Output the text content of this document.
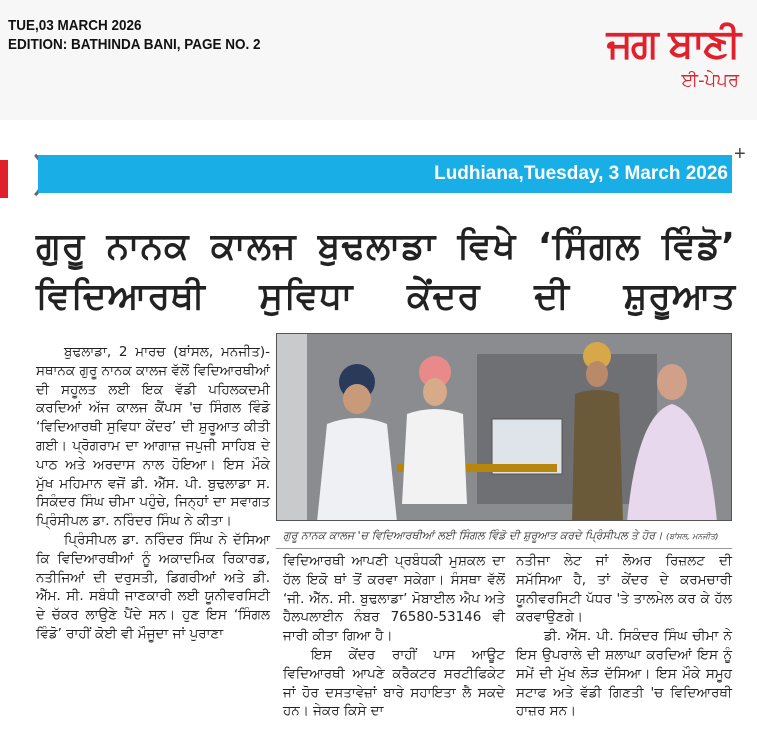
TUE,03 MARCH 2026
EDITION: BATHINDA BANI, PAGE NO. 2	ਜਗ ਬਾਣੀ
ਈ-ਪੇਪਰ
Ludhiana,Tuesday, 3 March 2026
+
ਗੁਰੂ ਨਾਨਕ ਕਾਲਜ ਬੁਢਲਾਡਾ ਵਿਖੇ ‘ਸਿੰਗਲ ਵਿੰਡੋ’ ਵਿਦਿਆਰਥੀ ਸੁਵਿਧਾ ਕੇਂਦਰ ਦੀ ਸ਼ੁਰੂਆਤ
ਗੁਰੂ ਨਾਨਕ ਕਾਲਜ 'ਚ ਵਿਦਿਆਰਥੀਆਂ ਲਈ ਸਿੰਗਲ ਵਿੰਡੋ ਦੀ ਸ਼ੁਰੂਆਤ ਕਰਦੇ ਪ੍ਰਿੰਸੀਪਲ ਤੇ ਹੋਰ। (ਬਾਂਸਲ, ਮਨਜੀਤ)

ਬੁਢਲਾਡਾ, 2 ਮਾਰਚ (ਬਾਂਸਲ, ਮਨਜੀਤ)-ਸਥਾਨਕ ਗੁਰੂ ਨਾਨਕ ਕਾਲਜ ਵੱਲੋਂ ਵਿਦਿਆਰਥੀਆਂ ਦੀ ਸਹੂਲਤ ਲਈ ਇਕ ਵੱਡੀ ਪਹਿਲਕਦਮੀ ਕਰਦਿਆਂ ਅੱਜ ਕਾਲਜ ਕੈਂਪਸ 'ਚ ਸਿੰਗਲ ਵਿੰਡੋ ‘ਵਿਦਿਆਰਥੀ ਸੁਵਿਧਾ ਕੇਂਦਰ’ ਦੀ ਸ਼ੁਰੂਆਤ ਕੀਤੀ ਗਈ। ਪ੍ਰੋਗਰਾਮ ਦਾ ਆਗਾਜ਼ ਜਪੁਜੀ ਸਾਹਿਬ ਦੇ ਪਾਠ ਅਤੇ ਅਰਦਾਸ ਨਾਲ ਹੋਇਆ। ਇਸ ਮੌਕੇ ਮੁੱਖ ਮਹਿਮਾਨ ਵਜੋਂ ਡੀ. ਐੱਸ. ਪੀ. ਬੁਢਲਾਡਾ ਸ. ਸਿਕੰਦਰ ਸਿੰਘ ਚੀਮਾ ਪਹੁੰਚੇ, ਜਿਨ੍ਹਾਂ ਦਾ ਸਵਾਗਤ ਪ੍ਰਿੰਸੀਪਲ ਡਾ. ਨਰਿੰਦਰ ਸਿੰਘ ਨੇ ਕੀਤਾ।

ਪ੍ਰਿੰਸੀਪਲ ਡਾ. ਨਰਿੰਦਰ ਸਿੰਘ ਨੇ ਦੱਸਿਆ ਕਿ ਵਿਦਿਆਰਥੀਆਂ ਨੂੰ ਅਕਾਦਮਿਕ ਰਿਕਾਰਡ, ਨਤੀਜਿਆਂ ਦੀ ਦਰੁਸਤੀ, ਡਿਗਰੀਆਂ ਅਤੇ ਡੀ. ਐੱਮ. ਸੀ. ਸਬੰਧੀ ਜਾਣਕਾਰੀ ਲਈ ਯੂਨੀਵਰਸਿਟੀ ਦੇ ਚੱਕਰ ਲਾਉਣੇ ਪੈਂਦੇ ਸਨ। ਹੁਣ ਇਸ ‘ਸਿੰਗਲ ਵਿੰਡੋ’ ਰਾਹੀਂ ਕੋਈ ਵੀ ਮੌਜੂਦਾ ਜਾਂ ਪੁਰਾਣਾ

ਵਿਦਿਆਰਥੀ ਆਪਣੀ ਪ੍ਰਬੰਧਕੀ ਮੁਸ਼ਕਲ ਦਾ ਹੱਲ ਇਕੋ ਥਾਂ ਤੋਂ ਕਰਵਾ ਸਕੇਗਾ। ਸੰਸਥਾ ਵੱਲੋਂ ‘ਜੀ. ਐੱਨ. ਸੀ. ਬੁਢਲਾਡਾ’ ਮੋਬਾਈਲ ਐਪ ਅਤੇ ਹੈਲਪਲਾਈਨ ਨੰਬਰ 76580-53146 ਵੀ ਜਾਰੀ ਕੀਤਾ ਗਿਆ ਹੈ।

ਇਸ ਕੇਂਦਰ ਰਾਹੀਂ ਪਾਸ ਆਊਟ ਵਿਦਿਆਰਥੀ ਆਪਣੇ ਕਰੈਕਟਰ ਸਰਟੀਫਿਕੇਟ ਜਾਂ ਹੋਰ ਦਸਤਾਵੇਜ਼ਾਂ ਬਾਰੇ ਸਹਾਇਤਾ ਲੈ ਸਕਦੇ ਹਨ। ਜੇਕਰ ਕਿਸੇ ਦਾ

ਨਤੀਜਾ ਲੇਟ ਜਾਂ ਲੋਅਰ ਰਿਜ਼ਲਟ ਦੀ ਸਮੱਸਿਆ ਹੈ, ਤਾਂ ਕੇਂਦਰ ਦੇ ਕਰਮਚਾਰੀ ਯੂਨੀਵਰਸਿਟੀ ਪੱਧਰ 'ਤੇ ਤਾਲਮੇਲ ਕਰ ਕੇ ਹੱਲ ਕਰਵਾਉਣਗੇ।

ਡੀ. ਐੱਸ. ਪੀ. ਸਿਕੰਦਰ ਸਿੰਘ ਚੀਮਾ ਨੇ ਇਸ ਉਪਰਾਲੇ ਦੀ ਸ਼ਲਾਘਾ ਕਰਦਿਆਂ ਇਸ ਨੂੰ ਸਮੇਂ ਦੀ ਮੁੱਖ ਲੋੜ ਦੱਸਿਆ। ਇਸ ਮੌਕੇ ਸਮੂਹ ਸਟਾਫ ਅਤੇ ਵੱਡੀ ਗਿਣਤੀ 'ਚ ਵਿਦਿਆਰਥੀ ਹਾਜ਼ਰ ਸਨ।
